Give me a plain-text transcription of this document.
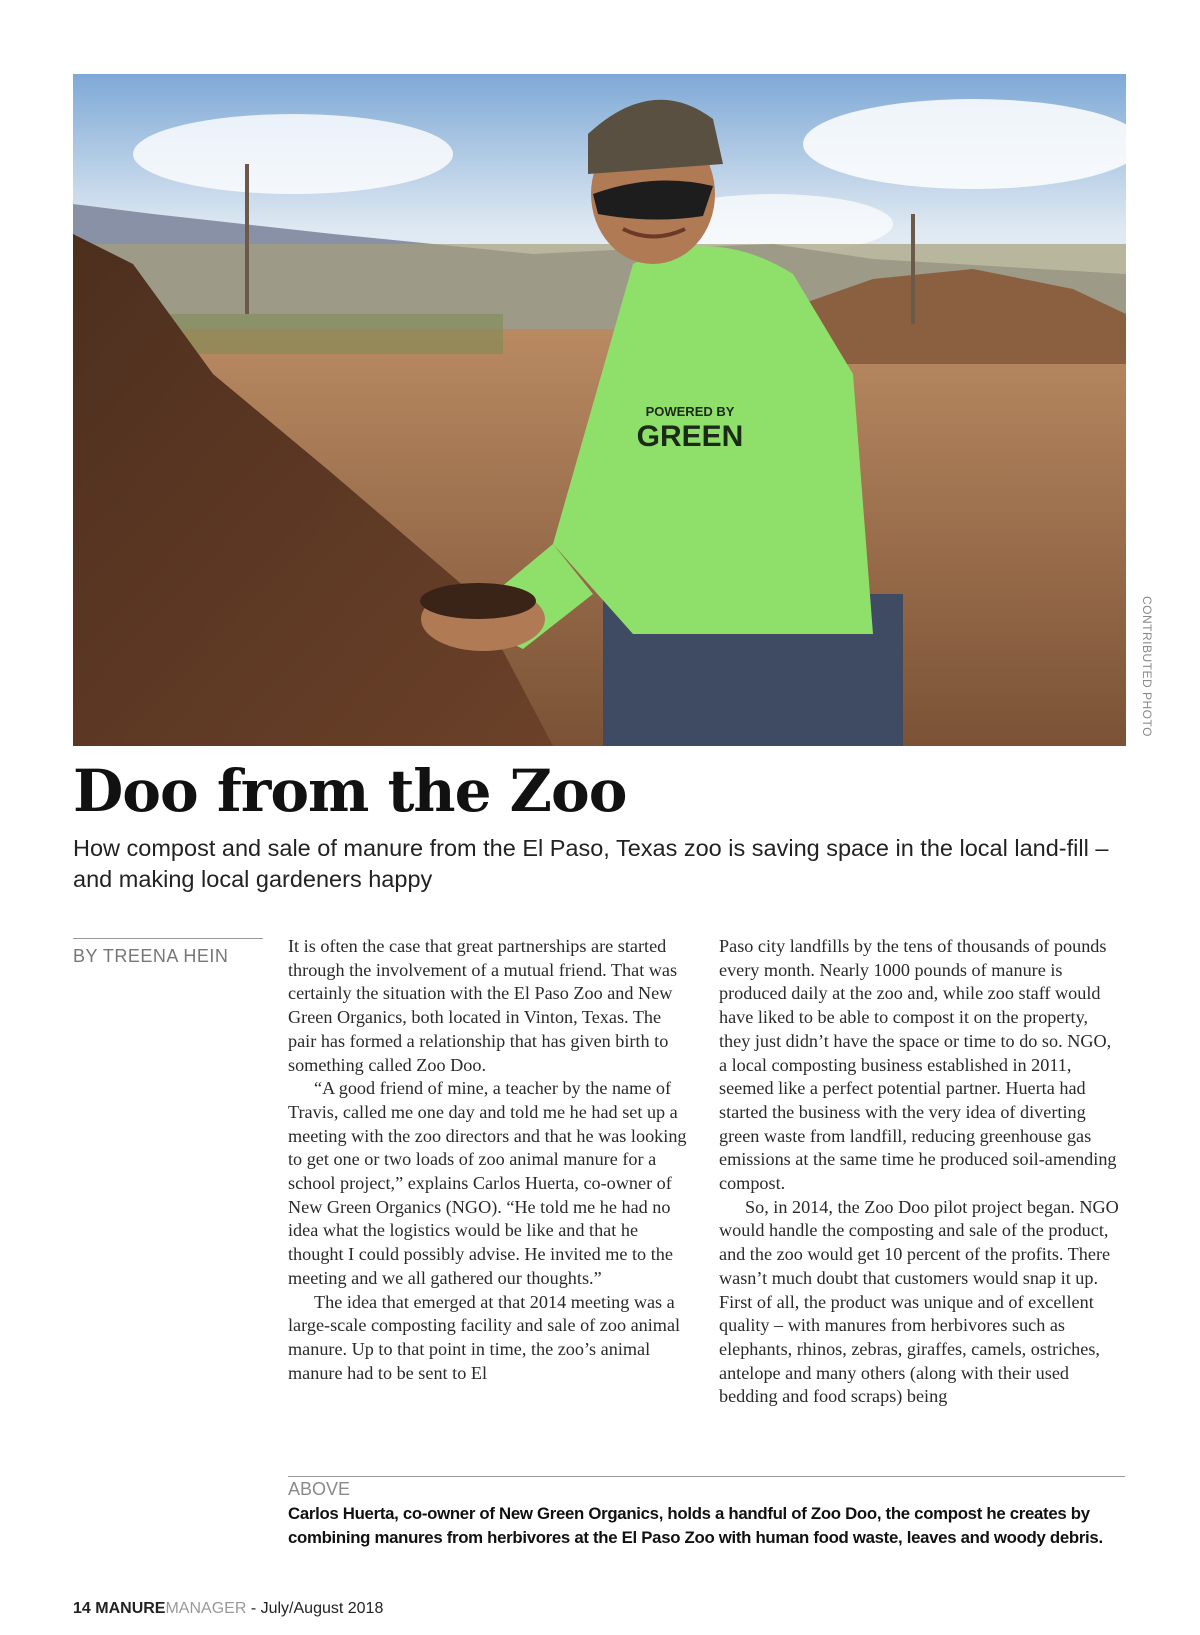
POWERED BY
GREEN
CONTRIBUTED PHOTO
Doo from the Zoo

How compost and sale of manure from the El Paso, Texas zoo is saving space in the local land-fill – and making local gardeners happy

BY TREENA HEIN	It is often the case that great partnerships are started through the involvement of a mutual friend. That was certainly the situation with the El Paso Zoo and New Green Organics, both located in Vinton, Texas. The pair has formed a relationship that has given birth to something called Zoo Doo.

“A good friend of mine, a teacher by the name of Travis, called me one day and told me he had set up a meeting with the zoo directors and that he was looking to get one or two loads of zoo animal manure for a school project,” explains Carlos Huerta, co-owner of New Green Organics (NGO). “He told me he had no idea what the logistics would be like and that he thought I could possibly advise. He invited me to the meeting and we all gathered our thoughts.”

The idea that emerged at that 2014 meeting was a large-scale composting facility and sale of zoo animal manure. Up to that point in time, the zoo’s animal manure had to be sent to El

Paso city landfills by the tens of thousands of pounds every month. Nearly 1000 pounds of manure is produced daily at the zoo and, while zoo staff would have liked to be able to compost it on the property, they just didn’t have the space or time to do so. NGO, a local composting business established in 2011, seemed like a perfect potential partner. Huerta had started the business with the very idea of diverting green waste from landfill, reducing greenhouse gas emissions at the same time he produced soil-amending compost.

So, in 2014, the Zoo Doo pilot project began. NGO would handle the composting and sale of the product, and the zoo would get 10 percent of the profits. There wasn’t much doubt that customers would snap it up. First of all, the product was unique and of excellent quality – with manures from herbivores such as elephants, rhinos, zebras, giraffes, camels, ostriches, antelope and many others (along with their used bedding and food scraps) being

ABOVE
Carlos Huerta, co-owner of New Green Organics, holds a handful of Zoo Doo, the compost he creates by combining manures from herbivores at the El Paso Zoo with human food waste, leaves and woody debris.
14 MANUREMANAGER - July/August 2018
